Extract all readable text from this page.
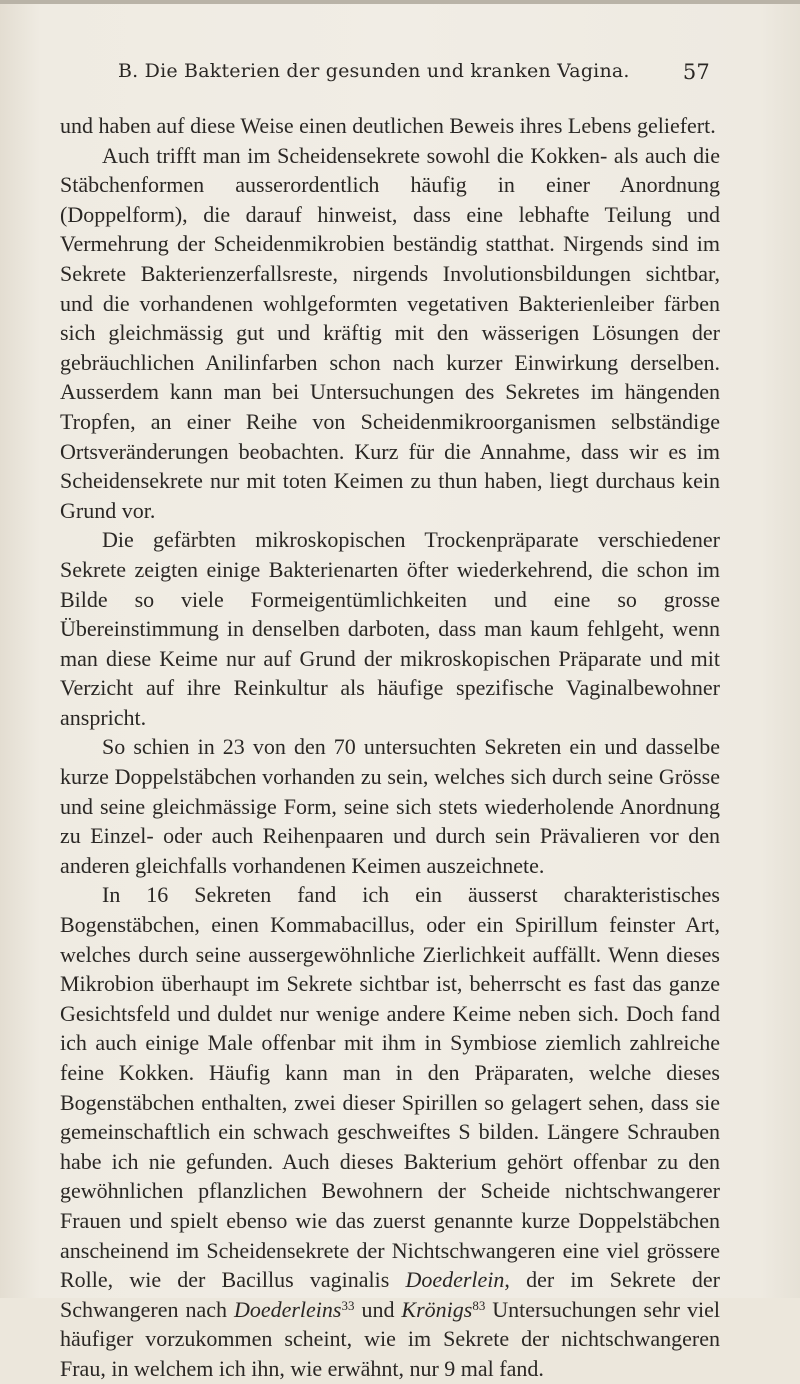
B. Die Bakterien der gesunden und kranken Vagina.	57

und haben auf diese Weise einen deutlichen Beweis ihres Lebens geliefert.

Auch trifft man im Scheidensekrete sowohl die Kokken- als auch die Stäbchenformen ausserordentlich häufig in einer Anordnung (Doppelform), die darauf hinweist, dass eine lebhafte Teilung und Vermehrung der Scheidenmikrobien beständig statthat. Nirgends sind im Sekrete Bakterienzerfallsreste, nirgends Involutionsbildungen sichtbar, und die vorhandenen wohlgeformten vegetativen Bakterienleiber färben sich gleichmässig gut und kräftig mit den wässerigen Lösungen der gebräuchlichen Anilinfarben schon nach kurzer Einwirkung derselben. Ausserdem kann man bei Untersuchungen des Sekretes im hängenden Tropfen, an einer Reihe von Scheidenmikroorganismen selbständige Ortsveränderungen beobachten. Kurz für die Annahme, dass wir es im Scheidensekrete nur mit toten Keimen zu thun haben, liegt durchaus kein Grund vor.

Die gefärbten mikroskopischen Trockenpräparate verschiedener Sekrete zeigten einige Bakterienarten öfter wiederkehrend, die schon im Bilde so viele Formeigentümlichkeiten und eine so grosse Übereinstimmung in denselben darboten, dass man kaum fehlgeht, wenn man diese Keime nur auf Grund der mikroskopischen Präparate und mit Verzicht auf ihre Reinkultur als häufige spezifische Vaginalbewohner anspricht.

So schien in 23 von den 70 untersuchten Sekreten ein und dasselbe kurze Doppelstäbchen vorhanden zu sein, welches sich durch seine Grösse und seine gleichmässige Form, seine sich stets wiederholende Anordnung zu Einzel- oder auch Reihenpaaren und durch sein Prävalieren vor den anderen gleichfalls vorhandenen Keimen auszeichnete.

In 16 Sekreten fand ich ein äusserst charakteristisches Bogenstäbchen, einen Kommabacillus, oder ein Spirillum feinster Art, welches durch seine aussergewöhnliche Zierlichkeit auffällt. Wenn dieses Mikrobion überhaupt im Sekrete sichtbar ist, beherrscht es fast das ganze Gesichtsfeld und duldet nur wenige andere Keime neben sich. Doch fand ich auch einige Male offenbar mit ihm in Symbiose ziemlich zahlreiche feine Kokken. Häufig kann man in den Präparaten, welche dieses Bogenstäbchen enthalten, zwei dieser Spirillen so gelagert sehen, dass sie gemeinschaftlich ein schwach geschweiftes S bilden. Längere Schrauben habe ich nie gefunden. Auch dieses Bakterium gehört offenbar zu den gewöhnlichen pflanzlichen Bewohnern der Scheide nichtschwangerer Frauen und spielt ebenso wie das zuerst genannte kurze Doppelstäbchen anscheinend im Scheidensekrete der Nichtschwangeren eine viel grössere Rolle, wie der Bacillus vaginalis Doederlein, der im Sekrete der Schwangeren nach Doederleins$^{33}$ und Krönigs$^{83}$ Untersuchungen sehr viel häufiger vorzukommen scheint, wie im Sekrete der nichtschwangeren Frau, in welchem ich ihn, wie erwähnt, nur 9 mal fand.
